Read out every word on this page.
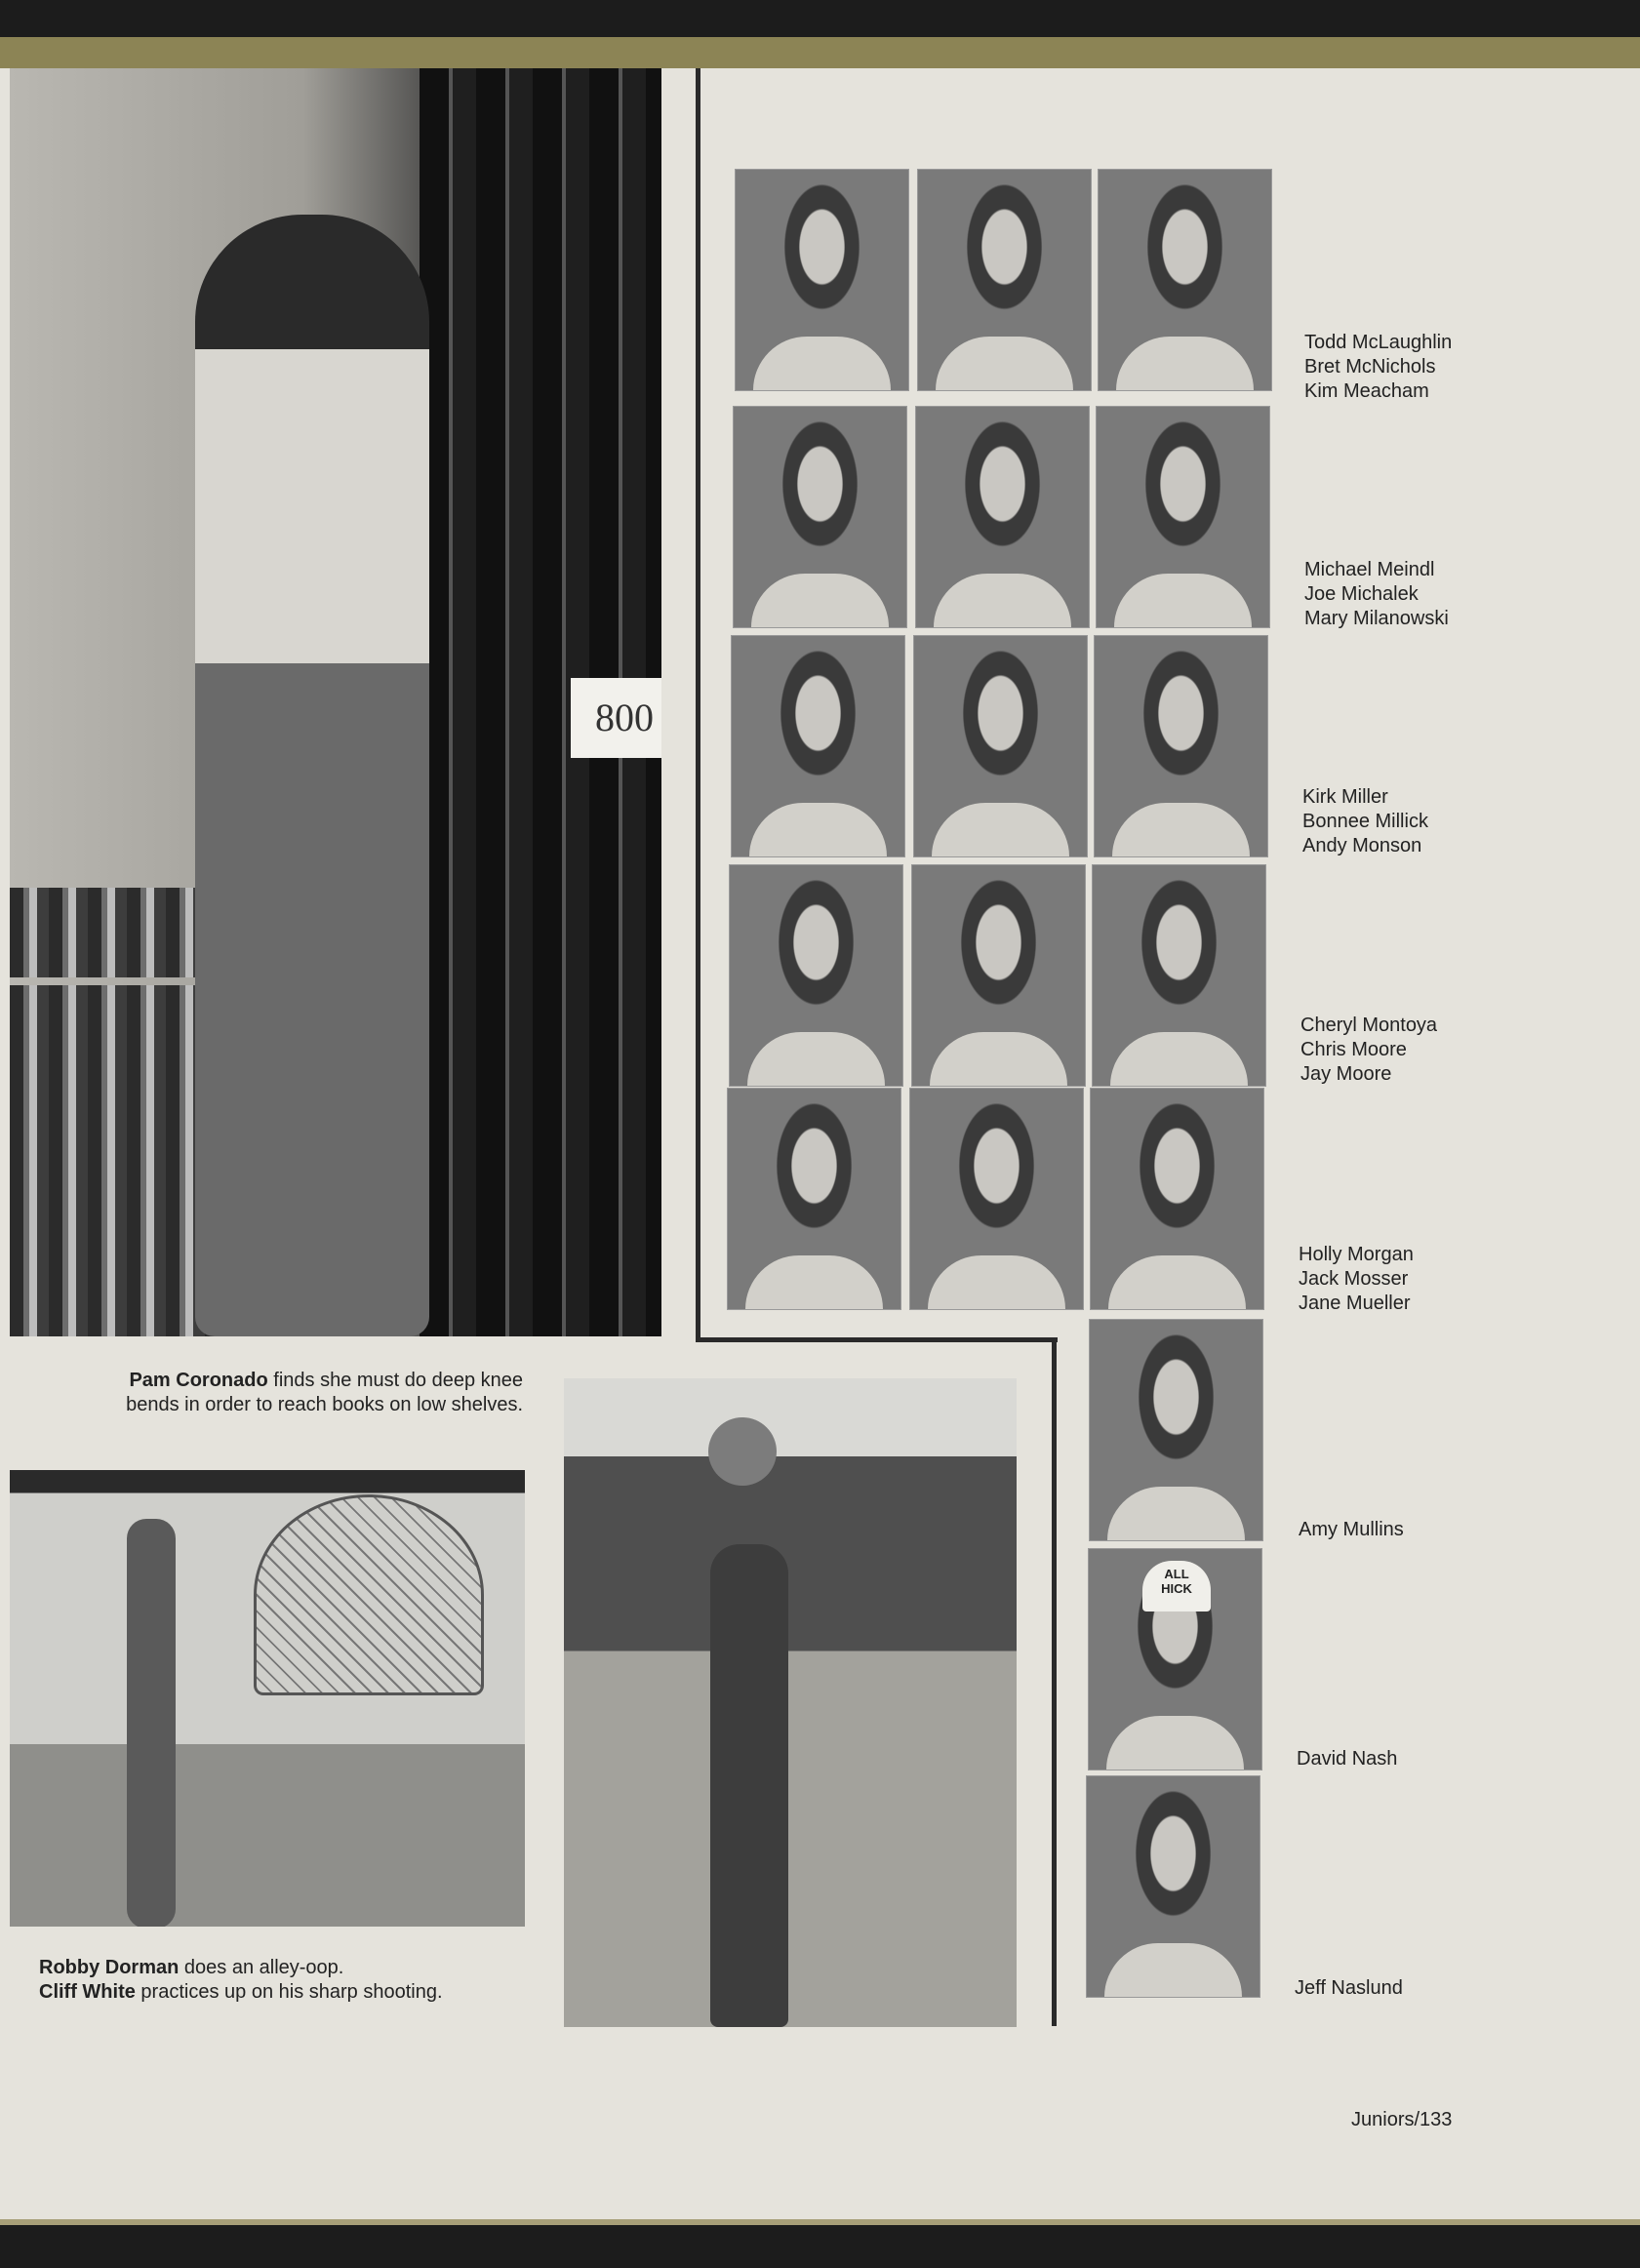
800
ALL
HICK
Todd McLaughlin
Bret McNichols
Kim Meacham
Michael Meindl
Joe Michalek
Mary Milanowski
Kirk Miller
Bonnee Millick
Andy Monson
Cheryl Montoya
Chris Moore
Jay Moore
Holly Morgan
Jack Mosser
Jane Mueller
Amy Mullins
David Nash
Jeff Naslund
Pam Coronado finds she must do deep knee
bends in order to reach books on low shelves.
Robby Dorman does an alley-oop.
Cliff White practices up on his sharp shooting.
Juniors/133
